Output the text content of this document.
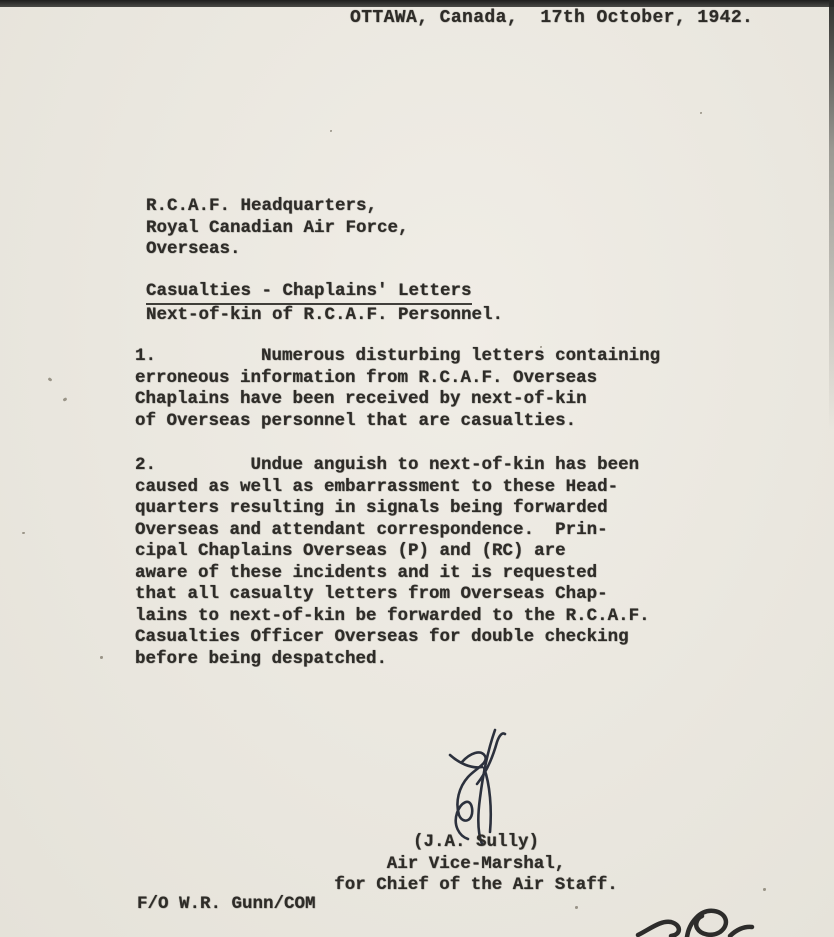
OTTAWA, Canada,  17th October, 1942.
R.C.A.F. Headquarters,
Royal Canadian Air Force,
Overseas.
Casualties - Chaplains' Letters
Next-of-kin of R.C.A.F. Personnel.
1.          Numerous disturbing letters containing
erroneous information from R.C.A.F. Overseas
Chaplains have been received by next-of-kin
of Overseas personnel that are casualties.
2.         Undue anguish to next-of-kin has been
caused as well as embarrassment to these Head-
quarters resulting in signals being forwarded
Overseas and attendant correspondence.  Prin-
cipal Chaplains Overseas (P) and (RC) are
aware of these incidents and it is requested
that all casualty letters from Overseas Chap-
lains to next-of-kin be forwarded to the R.C.A.F.
Casualties Officer Overseas for double checking
before being despatched.
(J.A. Sully)
Air Vice-Marshal,
for Chief of the Air Staff.
F/O W.R. Gunn/COM
